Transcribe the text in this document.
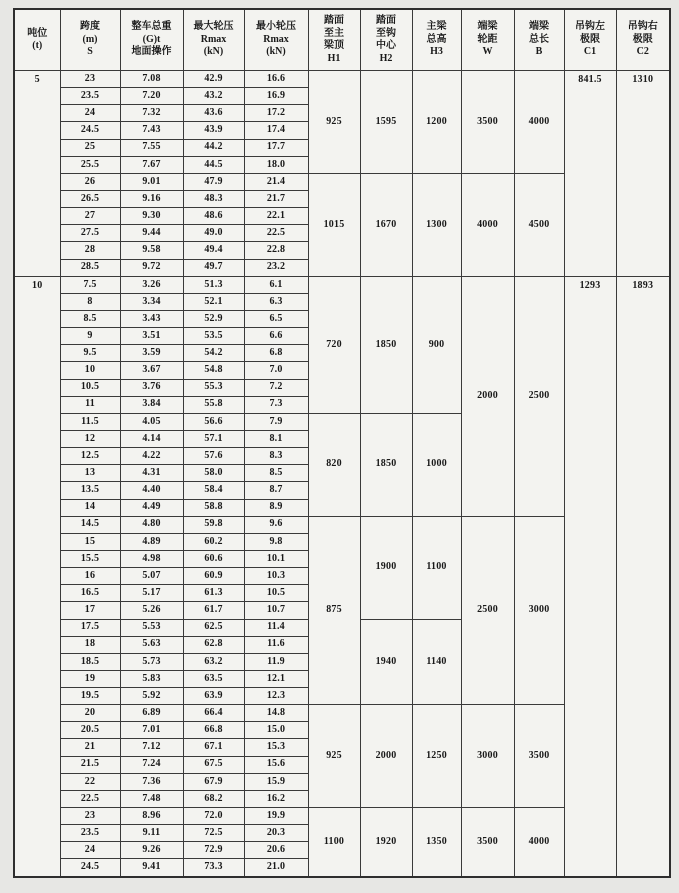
吨位
(t)

跨度
(m)
S

整车总重
(G)t
地面操作

最大轮压
Rmax
(kN)

最小轮压
Rmax
(kN)

踏面
至主
梁顶
H1

踏面
至钩
中心
H2

主梁
总高
H3

端梁
轮距
W

端梁
总长
B

吊钩左
极限
C1

吊钩右
极限
C2

5	23	7.08	42.9	16.6	925	1595	1200	3500	4000	841.5	1310
	23.5	7.20	43.2	16.9							
	24	7.32	43.6	17.2							
	24.5	7.43	43.9	17.4							
	25	7.55	44.2	17.7							
	25.5	7.67	44.5	18.0							
	26	9.01	47.9	21.4	1015	1670	1300	4000	4500		
	26.5	9.16	48.3	21.7							
	27	9.30	48.6	22.1							
	27.5	9.44	49.0	22.5							
	28	9.58	49.4	22.8							
	28.5	9.72	49.7	23.2							
10	7.5	3.26	51.3	6.1	720	1850	900	2000	2500	1293	1893
	8	3.34	52.1	6.3							
	8.5	3.43	52.9	6.5							
	9	3.51	53.5	6.6							
	9.5	3.59	54.2	6.8							
	10	3.67	54.8	7.0							
	10.5	3.76	55.3	7.2							
	11	3.84	55.8	7.3							
	11.5	4.05	56.6	7.9	820	1850	1000				
	12	4.14	57.1	8.1							
	12.5	4.22	57.6	8.3							
	13	4.31	58.0	8.5							
	13.5	4.40	58.4	8.7							
	14	4.49	58.8	8.9							
	14.5	4.80	59.8	9.6	875	1900	1100	2500	3000		
	15	4.89	60.2	9.8							
	15.5	4.98	60.6	10.1							
	16	5.07	60.9	10.3							
	16.5	5.17	61.3	10.5							
	17	5.26	61.7	10.7							
	17.5	5.53	62.5	11.4		1940	1140				
	18	5.63	62.8	11.6							
	18.5	5.73	63.2	11.9							
	19	5.83	63.5	12.1							
	19.5	5.92	63.9	12.3							
	20	6.89	66.4	14.8	925	2000	1250	3000	3500		
	20.5	7.01	66.8	15.0							
	21	7.12	67.1	15.3							
	21.5	7.24	67.5	15.6							
	22	7.36	67.9	15.9							
	22.5	7.48	68.2	16.2							
	23	8.96	72.0	19.9	1100	1920	1350	3500	4000		
	23.5	9.11	72.5	20.3							
	24	9.26	72.9	20.6							
	24.5	9.41	73.3	21.0							
